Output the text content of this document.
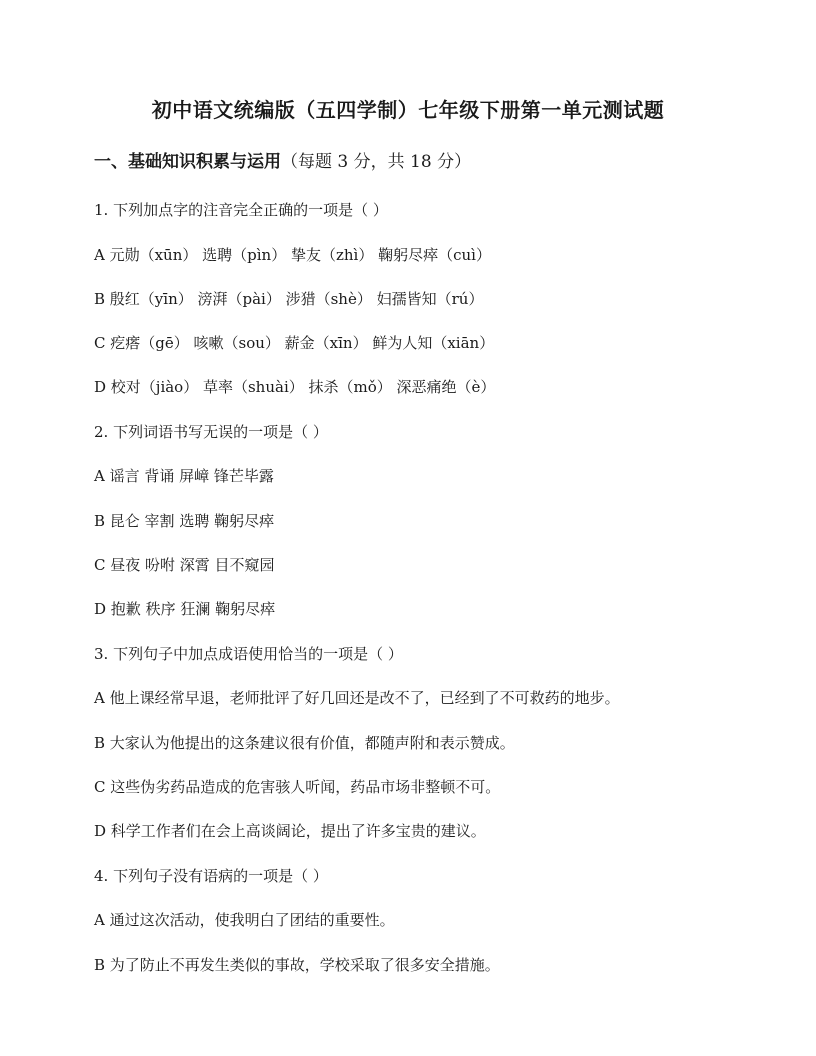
初中语文统编版（五四学制）七年级下册第一单元测试题
一、基础知识积累与运用（每题 3 分，共 18 分）
1. 下列加点字的注音完全正确的一项是（ ）
A 元勋（xūn） 选聘（pìn） 挚友（zhì） 鞠躬尽瘁（cuì）
B 殷红（yīn） 滂湃（pài） 涉猎（shè） 妇孺皆知（rú）
C 疙瘩（gē） 咳嗽（sou） 薪金（xīn） 鲜为人知（xiān）
D 校对（jiào） 草率（shuài） 抹杀（mǒ） 深恶痛绝（è）
2. 下列词语书写无误的一项是（ ）
A 谣言 背诵 屏嶂 锋芒毕露
B 昆仑 宰割 选聘 鞠躬尽瘁
C 昼夜 吩咐 深霄 目不窥园
D 抱歉 秩序 狂澜 鞠躬尽瘁
3. 下列句子中加点成语使用恰当的一项是（ ）
A 他上课经常早退，老师批评了好几回还是改不了，已经到了不可救药的地步。
B 大家认为他提出的这条建议很有价值，都随声附和表示赞成。
C 这些伪劣药品造成的危害骇人听闻，药品市场非整顿不可。
D 科学工作者们在会上高谈阔论，提出了许多宝贵的建议。
4. 下列句子没有语病的一项是（ ）
A 通过这次活动，使我明白了团结的重要性。
B 为了防止不再发生类似的事故，学校采取了很多安全措施。
